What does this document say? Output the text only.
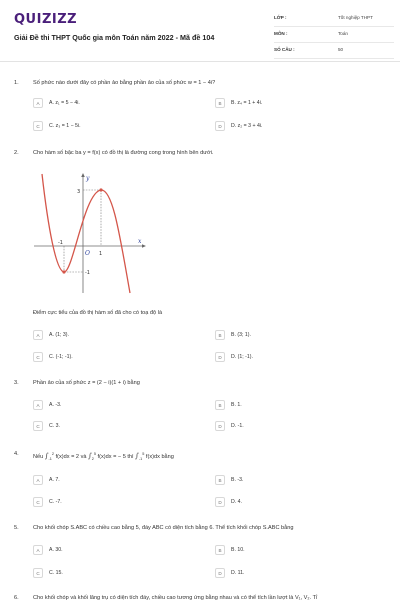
QUIZIZZ
Giải Đề thi THPT Quốc gia môn Toán năm 2022 - Mã đề 104
LỚP :	Tốt nghiệp THPT
MÔN :	Toán
SỐ CÂU :	50
1.	Số phức nào dưới đây có phần ảo bằng phần ảo của số phức w = 1 − 4i?
A	A. z₁ = 5 − 4i.	B	B. z₄ = 1 + 4i.
C	C. z₃ = 1 − 5i.	D	D. z₂ = 3 + 4i.
2.	Cho hàm số bậc ba y = f(x) có đồ thị là đường cong trong hình bên dưới.
Điểm cực tiểu của đồ thị hàm số đã cho có toạ độ là
A	A. (1; 3).	B	B. (3; 1).
C	C. (-1; -1).	D	D. (1; -1).
y
x
3
-1
O 1
-1
3.	Phần ảo của số phức z = (2 − i)(1 + i) bằng
A	A. -3.	B	B. 1.
C	C. 3.	D	D. -1.
4.	Nếu $\int_{-1}^2$ f(x)dx = 2 và $\int_2^5$ f(x)dx = − 5 thì $\int_{-1}^5$ f(x)dx bằng
A	A. 7.	B	B. -3.
C	C. -7.	D	D. 4.
5.	Cho khối chóp S.ABC có chiều cao bằng 5, đáy ABC có diện tích bằng 6. Thể tích khối chóp S.ABC bằng
A	A. 30.	B	B. 10.
C	C. 15.	D	D. 11.
6.	Cho khối chóp và khối lăng trụ có diện tích đáy, chiều cao tương ứng bằng nhau và có thể tích lần lượt là V₁, V₂. Tỉ
